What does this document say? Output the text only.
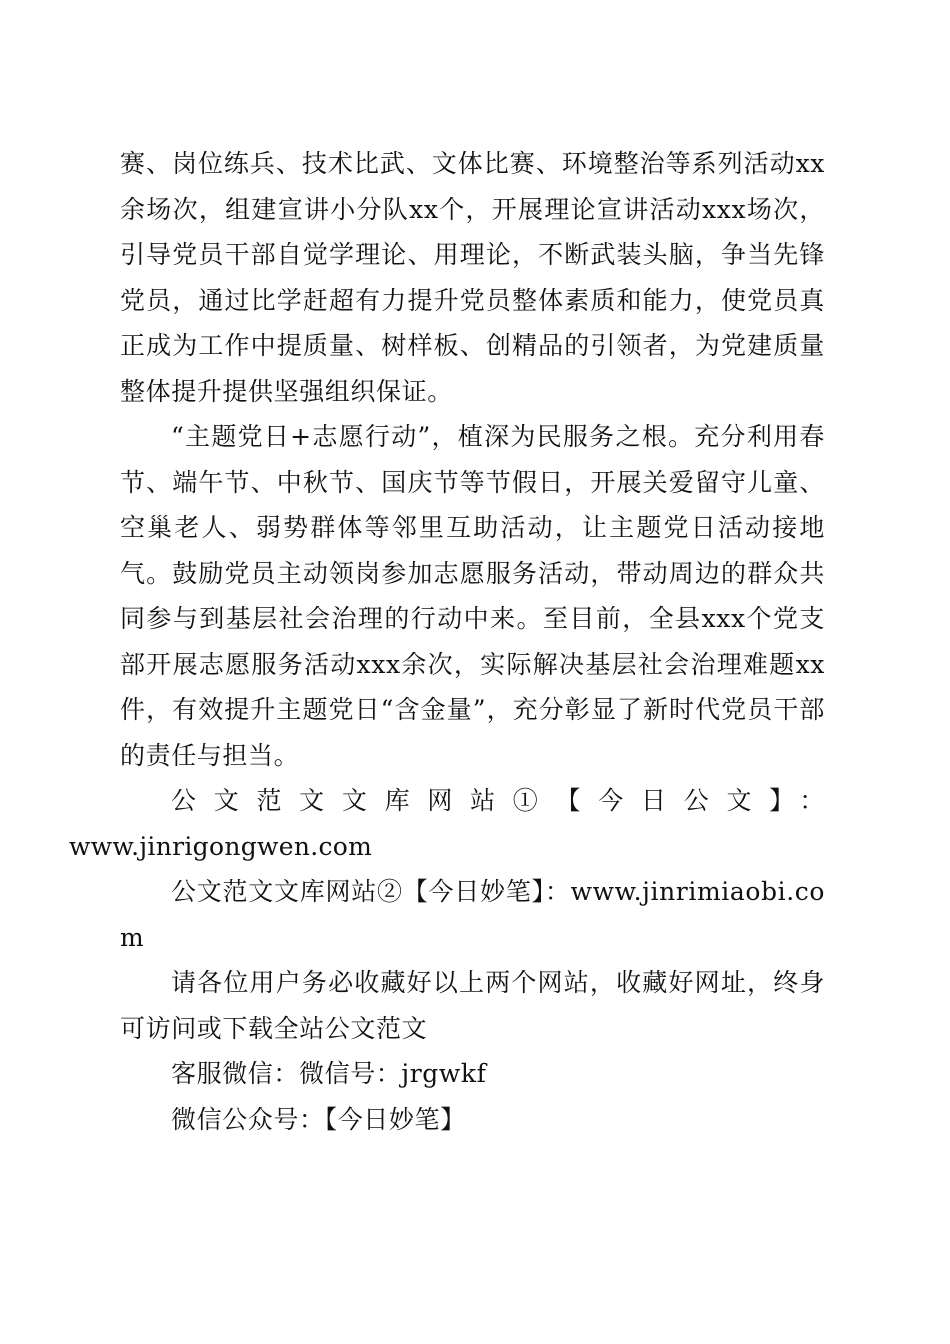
赛、岗位练兵、技术比武、文体比赛、环境整治等系列活动xx余场次，组建宣讲小分队xx个，开展理论宣讲活动xxx场次，引导党员干部自觉学理论、用理论，不断武装头脑，争当先锋党员，通过比学赶超有力提升党员整体素质和能力，使党员真正成为工作中提质量、树样板、创精品的引领者，为党建质量整体提升提供坚强组织保证。

“主题党日+志愿行动”，植深为民服务之根。充分利用春节、端午节、中秋节、国庆节等节假日，开展关爱留守儿童、空巢老人、弱势群体等邻里互助活动，让主题党日活动接地气。鼓励党员主动领岗参加志愿服务活动，带动周边的群众共同参与到基层社会治理的行动中来。至目前，全县xxx个党支部开展志愿服务活动xxx余次，实际解决基层社会治理难题xx件，有效提升主题党日“含金量”，充分彰显了新时代党员干部的责任与担当。

公文范文文库网站①【今日公文】：
www.jinrigongwen.com

公文范文文库网站②【今日妙笔】：www.jinrimiaobi.com

请各位用户务必收藏好以上两个网站，收藏好网址，终身可访问或下载全站公文范文

客服微信：微信号：jrgwkf

微信公众号：【今日妙笔】
